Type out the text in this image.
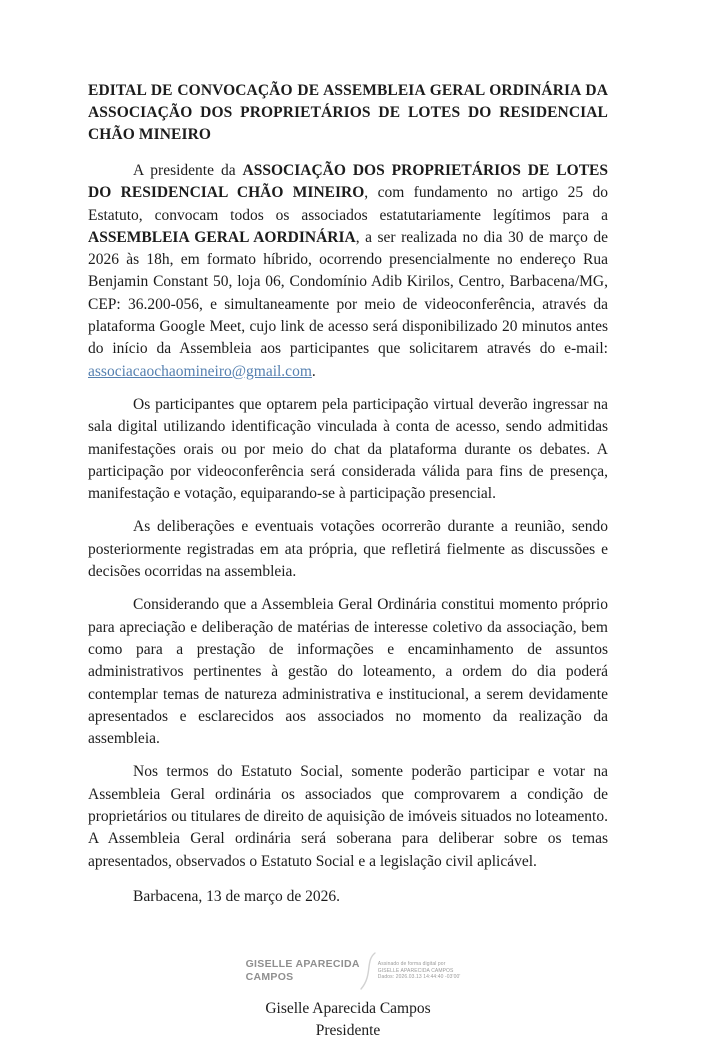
EDITAL DE CONVOCAÇÃO DE ASSEMBLEIA GERAL ORDINÁRIA DA ASSOCIAÇÃO DOS PROPRIETÁRIOS DE LOTES DO RESIDENCIAL CHÃO MINEIRO

A presidente da ASSOCIAÇÃO DOS PROPRIETÁRIOS DE LOTES DO RESIDENCIAL CHÃO MINEIRO, com fundamento no artigo 25 do Estatuto, convocam todos os associados estatutariamente legítimos para a ASSEMBLEIA GERAL AORDINÁRIA, a ser realizada no dia 30 de março de 2026 às 18h, em formato híbrido, ocorrendo presencialmente no endereço Rua Benjamin Constant 50, loja 06, Condomínio Adib Kirilos, Centro, Barbacena/MG, CEP: 36.200-056, e simultaneamente por meio de videoconferência, através da plataforma Google Meet, cujo link de acesso será disponibilizado 20 minutos antes do início da Assembleia aos participantes que solicitarem através do e-mail: associacaochaomineiro@gmail.com.

Os participantes que optarem pela participação virtual deverão ingressar na sala digital utilizando identificação vinculada à conta de acesso, sendo admitidas manifestações orais ou por meio do chat da plataforma durante os debates. A participação por videoconferência será considerada válida para fins de presença, manifestação e votação, equiparando-se à participação presencial.

As deliberações e eventuais votações ocorrerão durante a reunião, sendo posteriormente registradas em ata própria, que refletirá fielmente as discussões e decisões ocorridas na assembleia.

Considerando que a Assembleia Geral Ordinária constitui momento próprio para apreciação e deliberação de matérias de interesse coletivo da associação, bem como para a prestação de informações e encaminhamento de assuntos administrativos pertinentes à gestão do loteamento, a ordem do dia poderá contemplar temas de natureza administrativa e institucional, a serem devidamente apresentados e esclarecidos aos associados no momento da realização da assembleia.

Nos termos do Estatuto Social, somente poderão participar e votar na Assembleia Geral ordinária os associados que comprovarem a condição de proprietários ou titulares de direito de aquisição de imóveis situados no loteamento. A Assembleia Geral ordinária será soberana para deliberar sobre os temas apresentados, observados o Estatuto Social e a legislação civil aplicável.

Barbacena, 13 de março de 2026.

GISELLE APARECIDA
CAMPOS
Assinado de forma digital por
GISELLE APARECIDA CAMPOS
Dados: 2026.03.13 14:44:40 -03'00'
Giselle Aparecida Campos
Presidente
